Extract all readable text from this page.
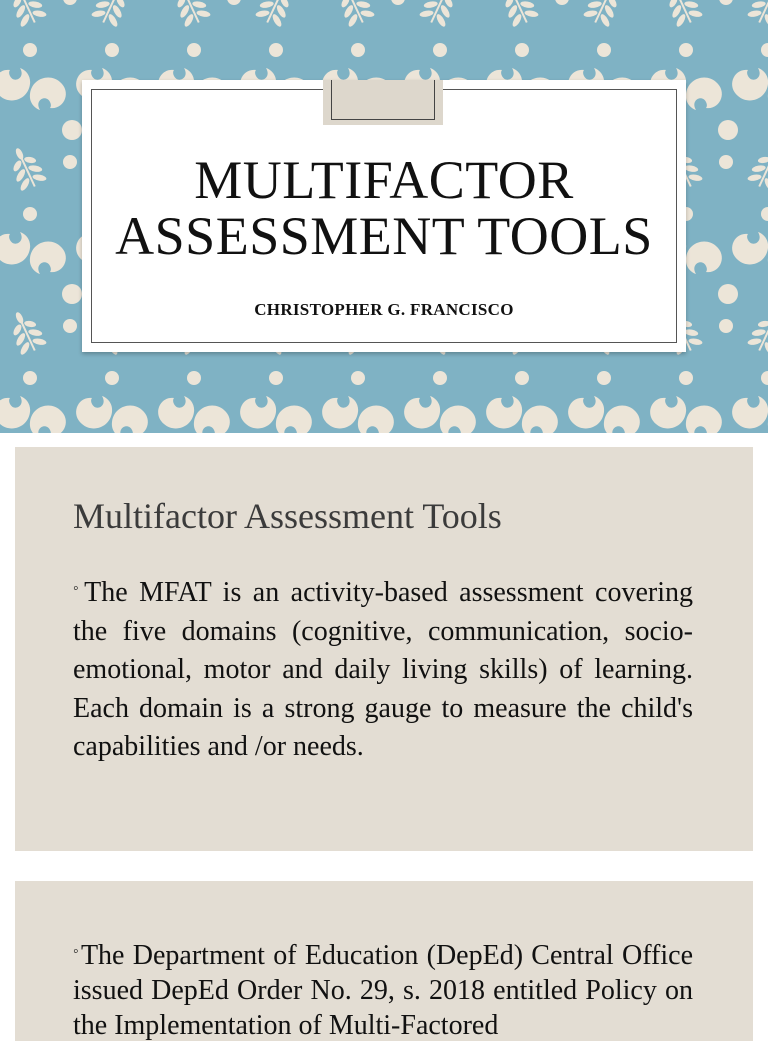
MULTIFACTOR
ASSESSMENT TOOLS
CHRISTOPHER G. FRANCISCO
Multifactor Assessment Tools
◦The MFAT is an activity-based assessment covering the five domains (cognitive, communication, socio-emotional, motor and daily living skills) of learning. Each domain is a strong gauge to measure the child's capabilities and /or needs.
◦The Department of Education (DepEd) Central Office issued DepEd Order No. 29, s. 2018 entitled Policy on the Implementation of Multi-Factored
